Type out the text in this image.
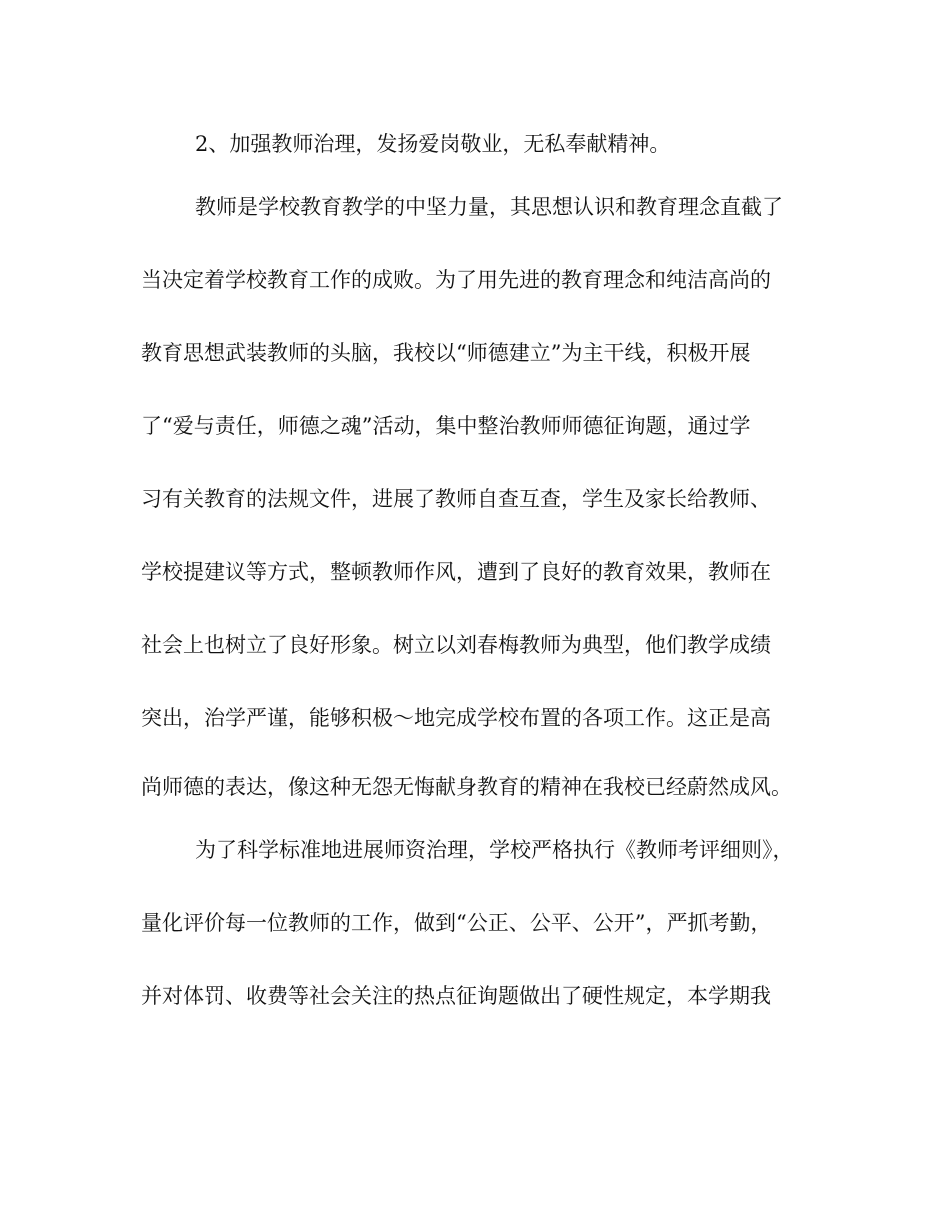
2、加强教师治理，发扬爱岗敬业，无私奉献精神。

教师是学校教育教学的中坚力量，其思想认识和教育理念直截了

当决定着学校教育工作的成败。为了用先进的教育理念和纯洁高尚的

教育思想武装教师的头脑，我校以“师德建立”为主干线，积极开展

了“爱与责任，师德之魂”活动，集中整治教师师德征询题，通过学

习有关教育的法规文件，进展了教师自查互查，学生及家长给教师、

学校提建议等方式，整顿教师作风，遭到了良好的教育效果，教师在

社会上也树立了良好形象。树立以刘春梅教师为典型，他们教学成绩

突出，治学严谨，能够积极～地完成学校布置的各项工作。这正是高

尚师德的表达，像这种无怨无悔献身教育的精神在我校已经蔚然成风。

为了科学标准地进展师资治理，学校严格执行《教师考评细则》，

量化评价每一位教师的工作，做到“公正、公平、公开”，严抓考勤，

并对体罚、收费等社会关注的热点征询题做出了硬性规定，本学期我
